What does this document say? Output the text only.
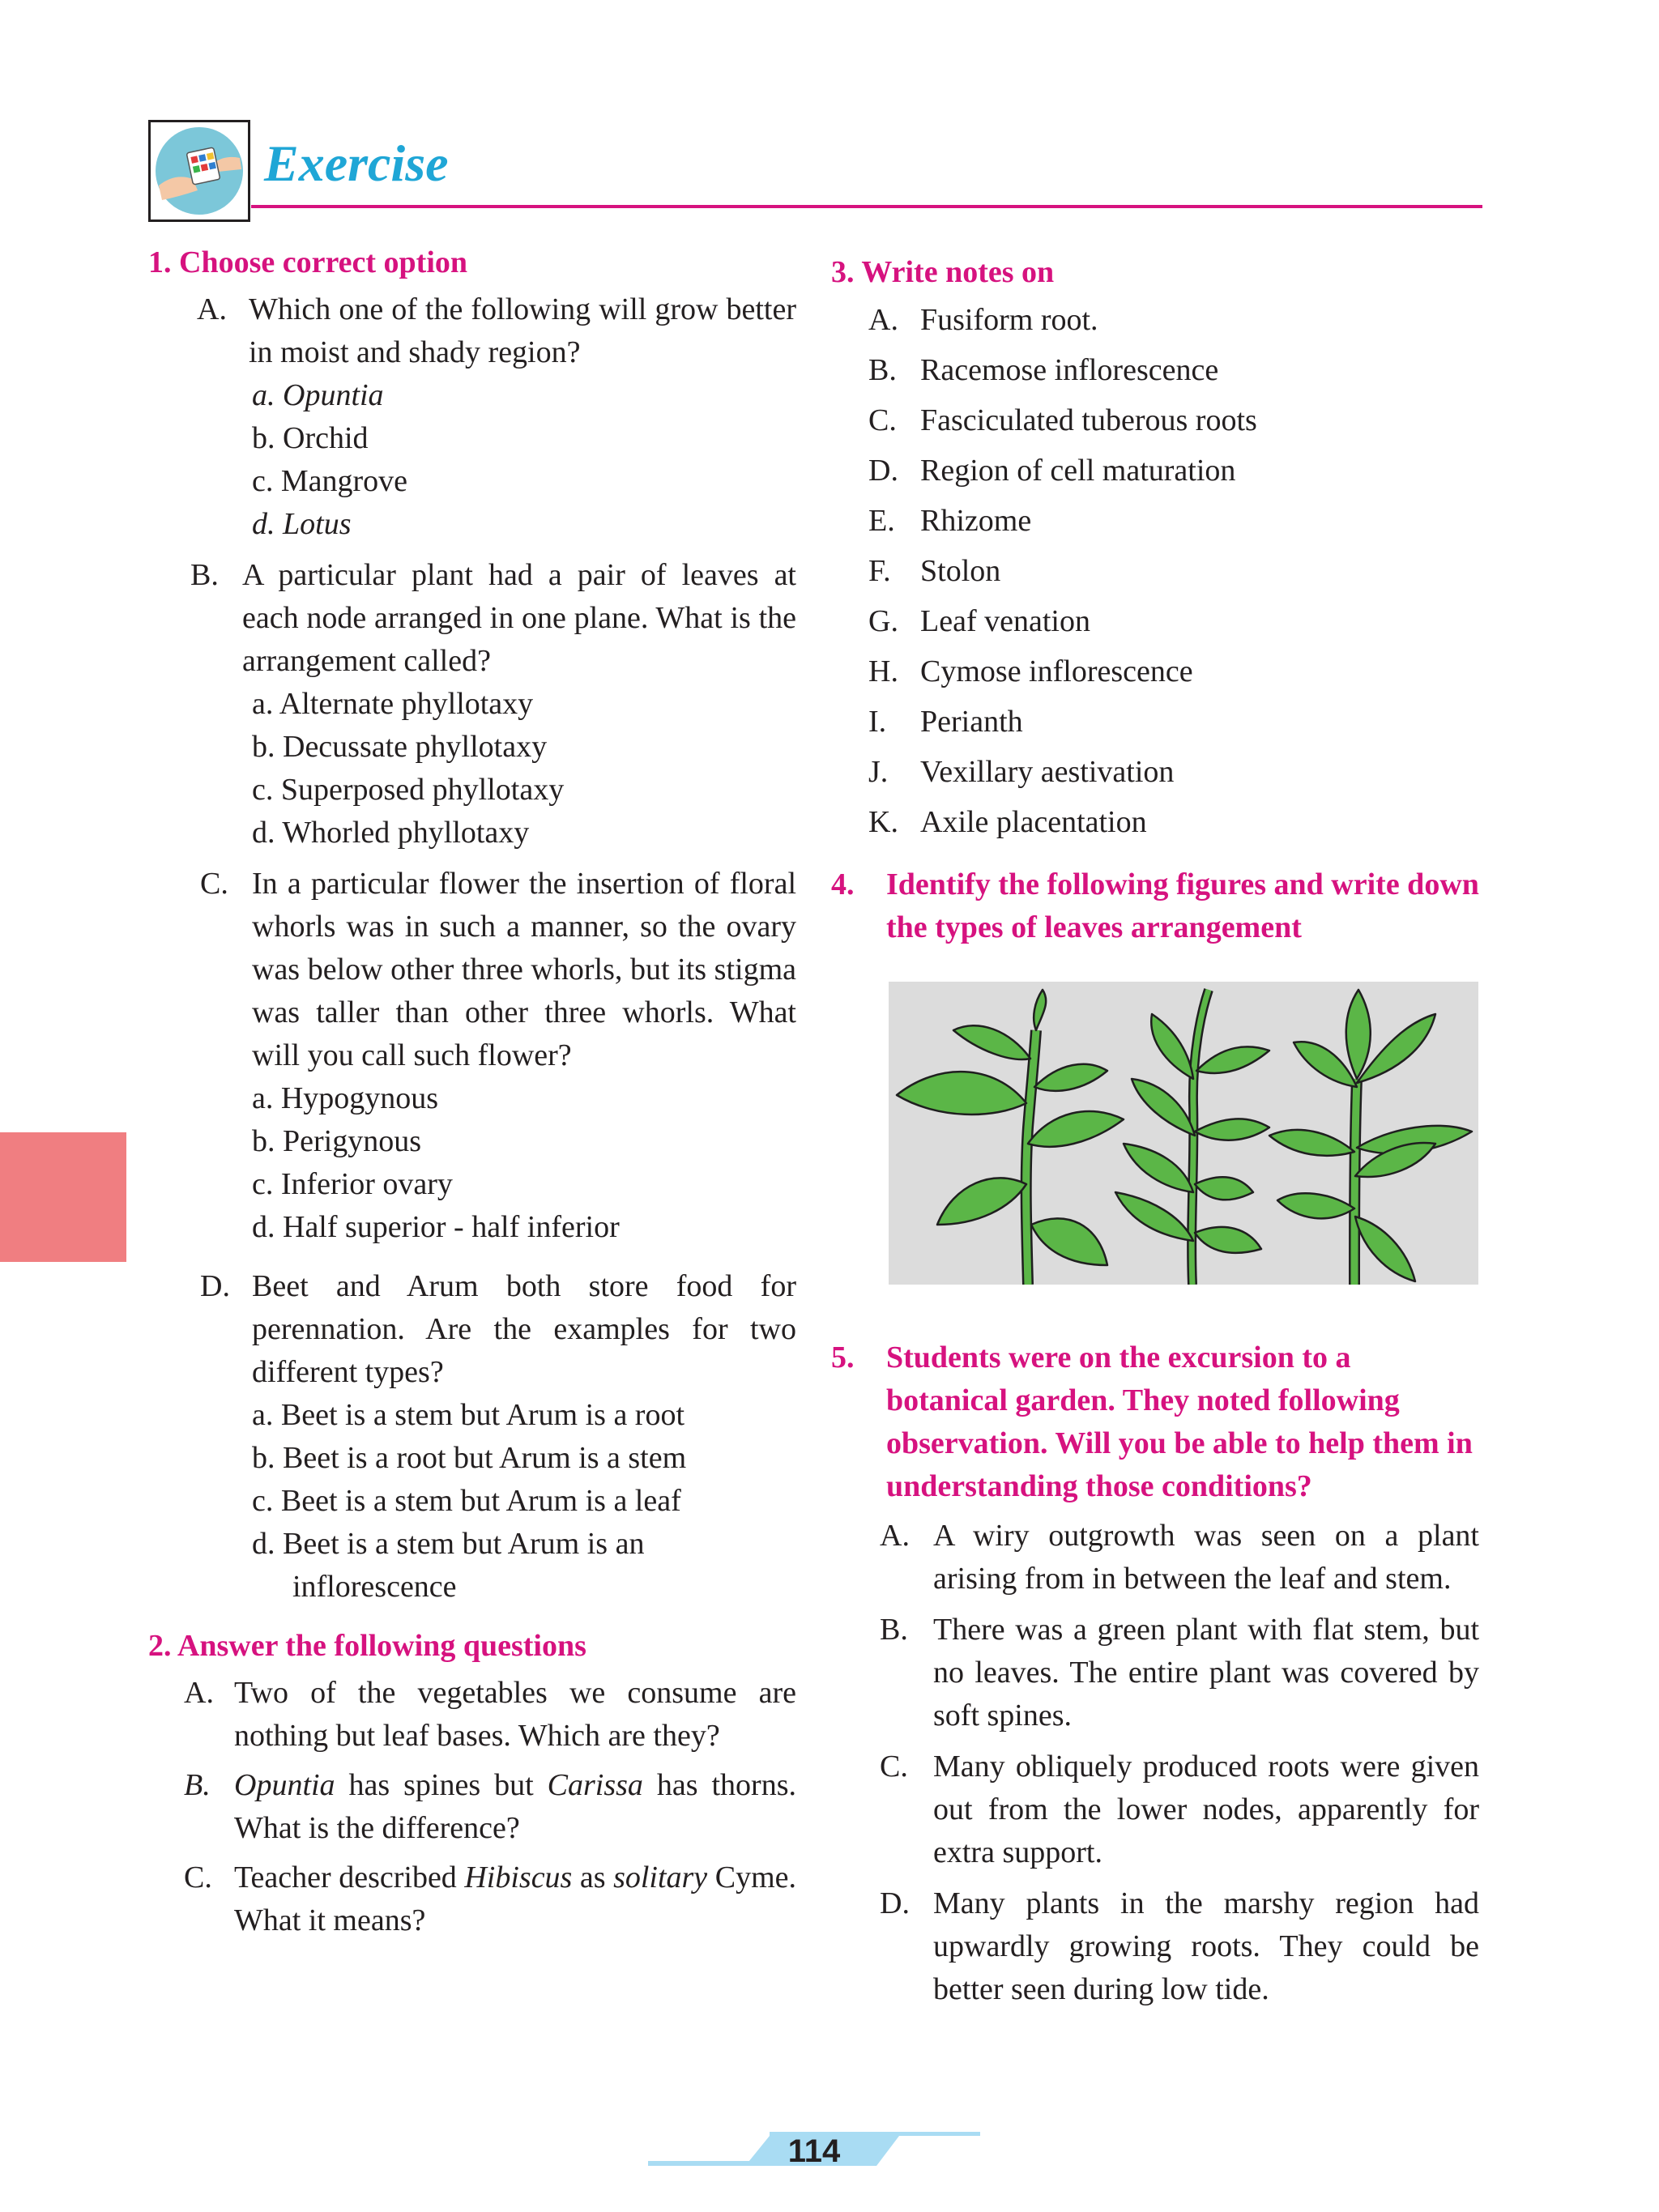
Exercise
1. Choose correct option
A. Which one of the following will grow better in moist and shady region?
a. Opuntia
b. Orchid
c. Mangrove
d. Lotus
B. A particular plant had a pair of leaves at each node arranged in one plane. What is the arrangement called?
a. Alternate phyllotaxy
b. Decussate phyllotaxy
c. Superposed phyllotaxy
d. Whorled phyllotaxy
C. In a particular flower the insertion of floral whorls was in such a manner, so the ovary was below other three whorls, but its stigma was taller than other three whorls. What will you call such flower?
a. Hypogynous
b. Perigynous
c. Inferior ovary
d. Half superior - half inferior
D. Beet and Arum both store food for perennation. Are the examples for two different types?
a. Beet is a stem but Arum is a root
b. Beet is a root but Arum is a stem
c. Beet is a stem but Arum is a leaf
d. Beet is a stem but Arum is an
inflorescence
2. Answer the following questions
A. Two of the vegetables we consume are nothing but leaf bases. Which are they?
B. Opuntia has spines but Carissa has thorns. What is the difference?
C. Teacher described Hibiscus as solitary Cyme. What it means?
3. Write notes on
A. Fusiform root.
B. Racemose inflorescence
C. Fasciculated tuberous roots
D. Region of cell maturation
E. Rhizome
F. Stolon
G. Leaf venation
H. Cymose inflorescence
I. Perianth
J. Vexillary aestivation
K. Axile placentation
4. Identify the following figures and write down the types of leaves arrangement
5. Students were on the excursion to a botanical garden. They noted following observation. Will you be able to help them in understanding those conditions?
A. A wiry outgrowth was seen on a plant arising from in between the leaf and stem.
B. There was a green plant with flat stem, but no leaves. The entire plant was covered by soft spines.
C. Many obliquely produced roots were given out from the lower nodes, apparently for extra support.
D. Many plants in the marshy region had upwardly growing roots. They could be better seen during low tide.
114
